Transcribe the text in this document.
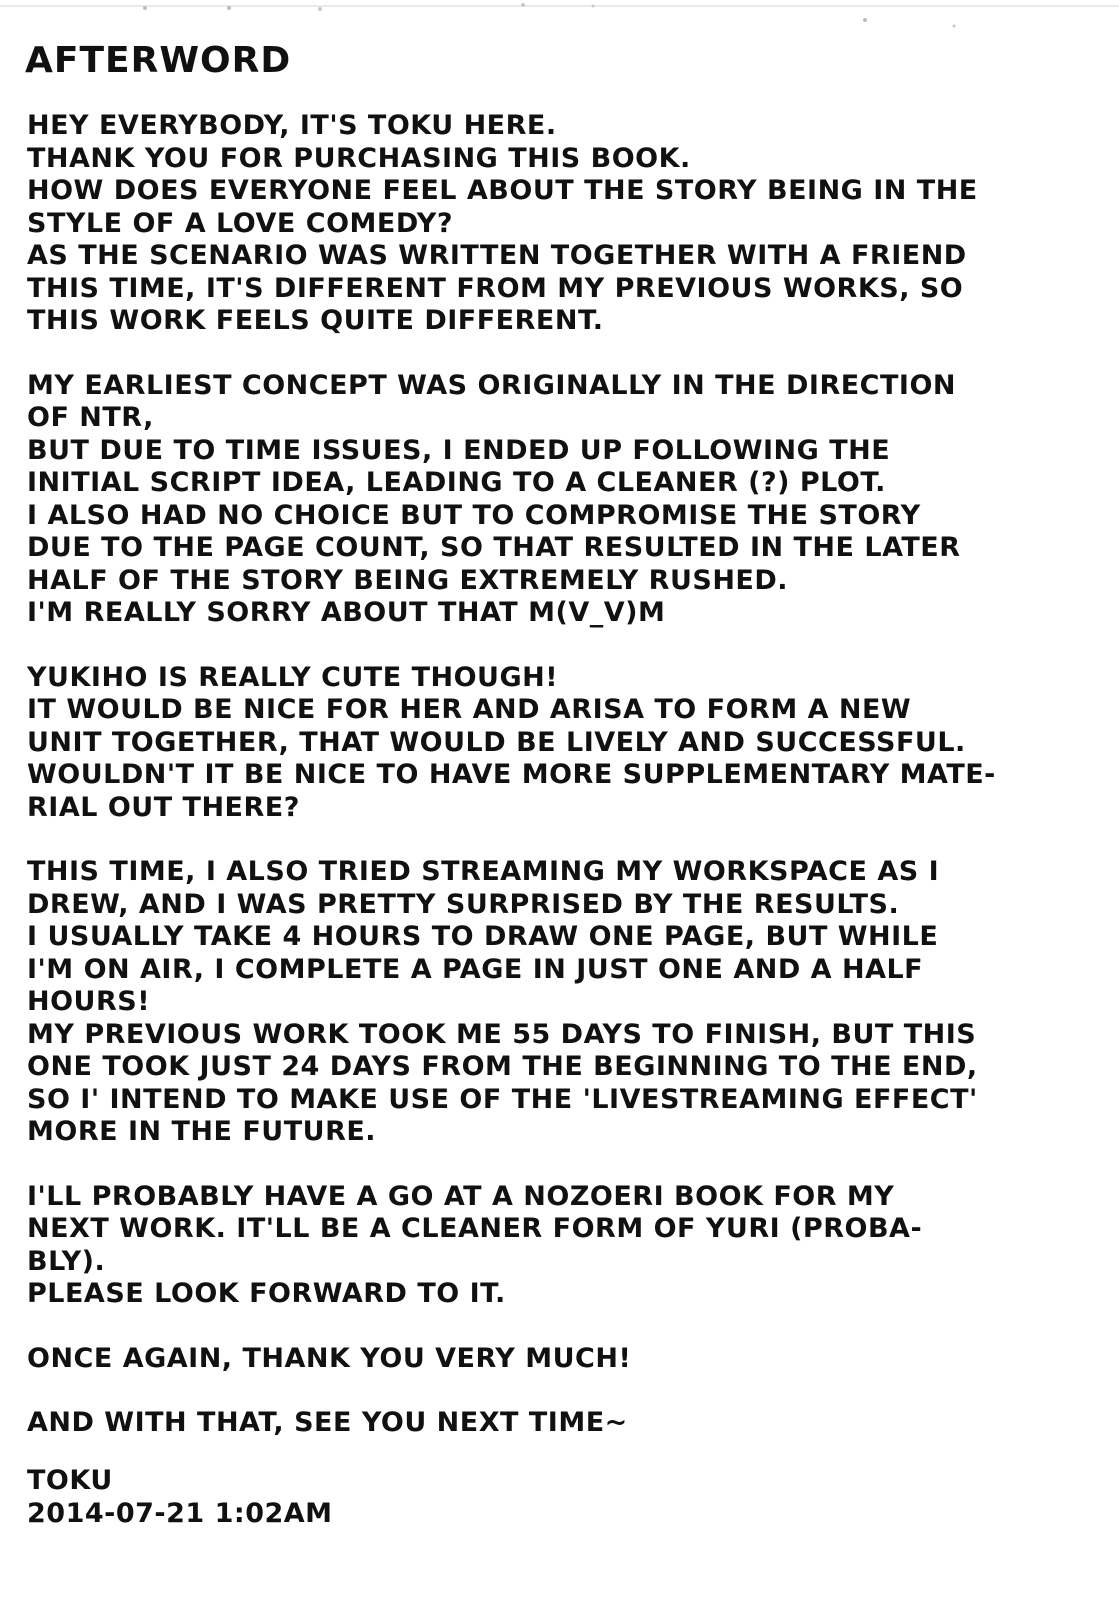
AFTERWORD
HEY EVERYBODY, IT'S TOKU HERE.
THANK YOU FOR PURCHASING THIS BOOK.
HOW DOES EVERYONE FEEL ABOUT THE STORY BEING IN THE
STYLE OF A LOVE COMEDY?
AS THE SCENARIO WAS WRITTEN TOGETHER WITH A FRIEND
THIS TIME, IT'S DIFFERENT FROM MY PREVIOUS WORKS, SO
THIS WORK FEELS QUITE DIFFERENT.
MY EARLIEST CONCEPT WAS ORIGINALLY IN THE DIRECTION
OF NTR,
BUT DUE TO TIME ISSUES, I ENDED UP FOLLOWING THE
INITIAL SCRIPT IDEA, LEADING TO A CLEANER (?) PLOT.
I ALSO HAD NO CHOICE BUT TO COMPROMISE THE STORY
DUE TO THE PAGE COUNT, SO THAT RESULTED IN THE LATER
HALF OF THE STORY BEING EXTREMELY RUSHED.
I'M REALLY SORRY ABOUT THAT M(V_V)M
YUKIHO IS REALLY CUTE THOUGH!
IT WOULD BE NICE FOR HER AND ARISA TO FORM A NEW
UNIT TOGETHER, THAT WOULD BE LIVELY AND SUCCESSFUL.
WOULDN'T IT BE NICE TO HAVE MORE SUPPLEMENTARY MATE-
RIAL OUT THERE?
THIS TIME, I ALSO TRIED STREAMING MY WORKSPACE AS I
DREW, AND I WAS PRETTY SURPRISED BY THE RESULTS.
I USUALLY TAKE 4 HOURS TO DRAW ONE PAGE, BUT WHILE
I'M ON AIR, I COMPLETE A PAGE IN JUST ONE AND A HALF
HOURS!
MY PREVIOUS WORK TOOK ME 55 DAYS TO FINISH, BUT THIS
ONE TOOK JUST 24 DAYS FROM THE BEGINNING TO THE END,
SO I' INTEND TO MAKE USE OF THE 'LIVESTREAMING EFFECT'
MORE IN THE FUTURE.
I'LL PROBABLY HAVE A GO AT A NOZOERI BOOK FOR MY
NEXT WORK. IT'LL BE A CLEANER FORM OF YURI (PROBA-
BLY).
PLEASE LOOK FORWARD TO IT.
ONCE AGAIN, THANK YOU VERY MUCH!
AND WITH THAT, SEE YOU NEXT TIME~
TOKU
2014-07-21 1:02AM
